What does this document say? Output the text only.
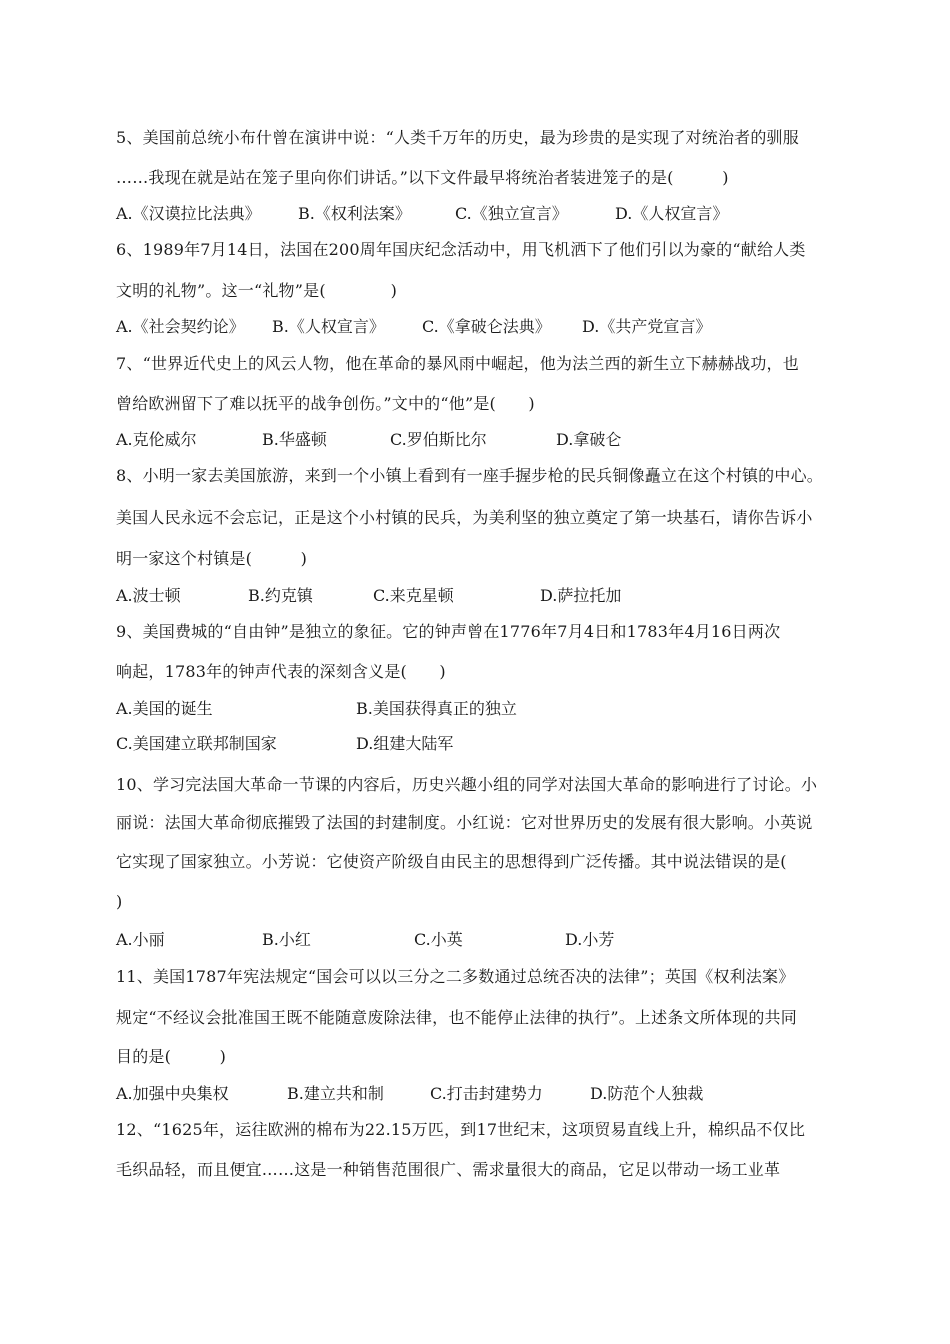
5、美国前总统小布什曾在演讲中说：“人类千万年的历史，最为珍贵的是实现了对统治者的驯服
……我现在就是站在笼子里向你们讲话。”以下文件最早将统治者装进笼子的是(　　　)
A.《汉谟拉比法典》 B.《权利法案》	C.《独立宣言》	D.《人权宣言》
6、1989年7月14日，法国在200周年国庆纪念活动中，用飞机洒下了他们引以为豪的“献给人类
文明的礼物”。这一“礼物”是(　　　　)
A.《社会契约论》 B.《人权宣言》 C.《拿破仑法典》 D.《共产党宣言》
7、“世界近代史上的风云人物，他在革命的暴风雨中崛起，他为法兰西的新生立下赫赫战功，也
曾给欧洲留下了难以抚平的战争创伤。”文中的“他”是(　　)
A.克伦威尔	B.华盛顿	C.罗伯斯比尔	D.拿破仑
8、小明一家去美国旅游，来到一个小镇上看到有一座手握步枪的民兵铜像矗立在这个村镇的中心。
美国人民永远不会忘记，正是这个小村镇的民兵，为美利坚的独立奠定了第一块基石，请你告诉小
明一家这个村镇是(　　　)
A.波士顿	B.约克镇	C.来克星顿	D.萨拉托加
9、美国费城的“自由钟”是独立的象征。它的钟声曾在1776年7月4日和1783年4月16日两次
响起，1783年的钟声代表的深刻含义是(　　)
A.美国的诞生	B.美国获得真正的独立
C.美国建立联邦制国家	D.组建大陆军
10、学习完法国大革命一节课的内容后，历史兴趣小组的同学对法国大革命的影响进行了讨论。小
丽说：法国大革命彻底摧毁了法国的封建制度。小红说：它对世界历史的发展有很大影响。小英说
它实现了国家独立。小芳说：它使资产阶级自由民主的思想得到广泛传播。其中说法错误的是(
)
A.小丽	B.小红	C.小英	D.小芳
11、美国1787年宪法规定“国会可以以三分之二多数通过总统否决的法律”；英国《权利法案》
规定“不经议会批准国王既不能随意废除法律，也不能停止法律的执行”。上述条文所体现的共同
目的是(　　　)
A.加强中央集权	B.建立共和制	C.打击封建势力	D.防范个人独裁
12、“1625年，运往欧洲的棉布为22.15万匹，到17世纪末，这项贸易直线上升，棉织品不仅比
毛织品轻，而且便宜……这是一种销售范围很广、需求量很大的商品，它足以带动一场工业革
